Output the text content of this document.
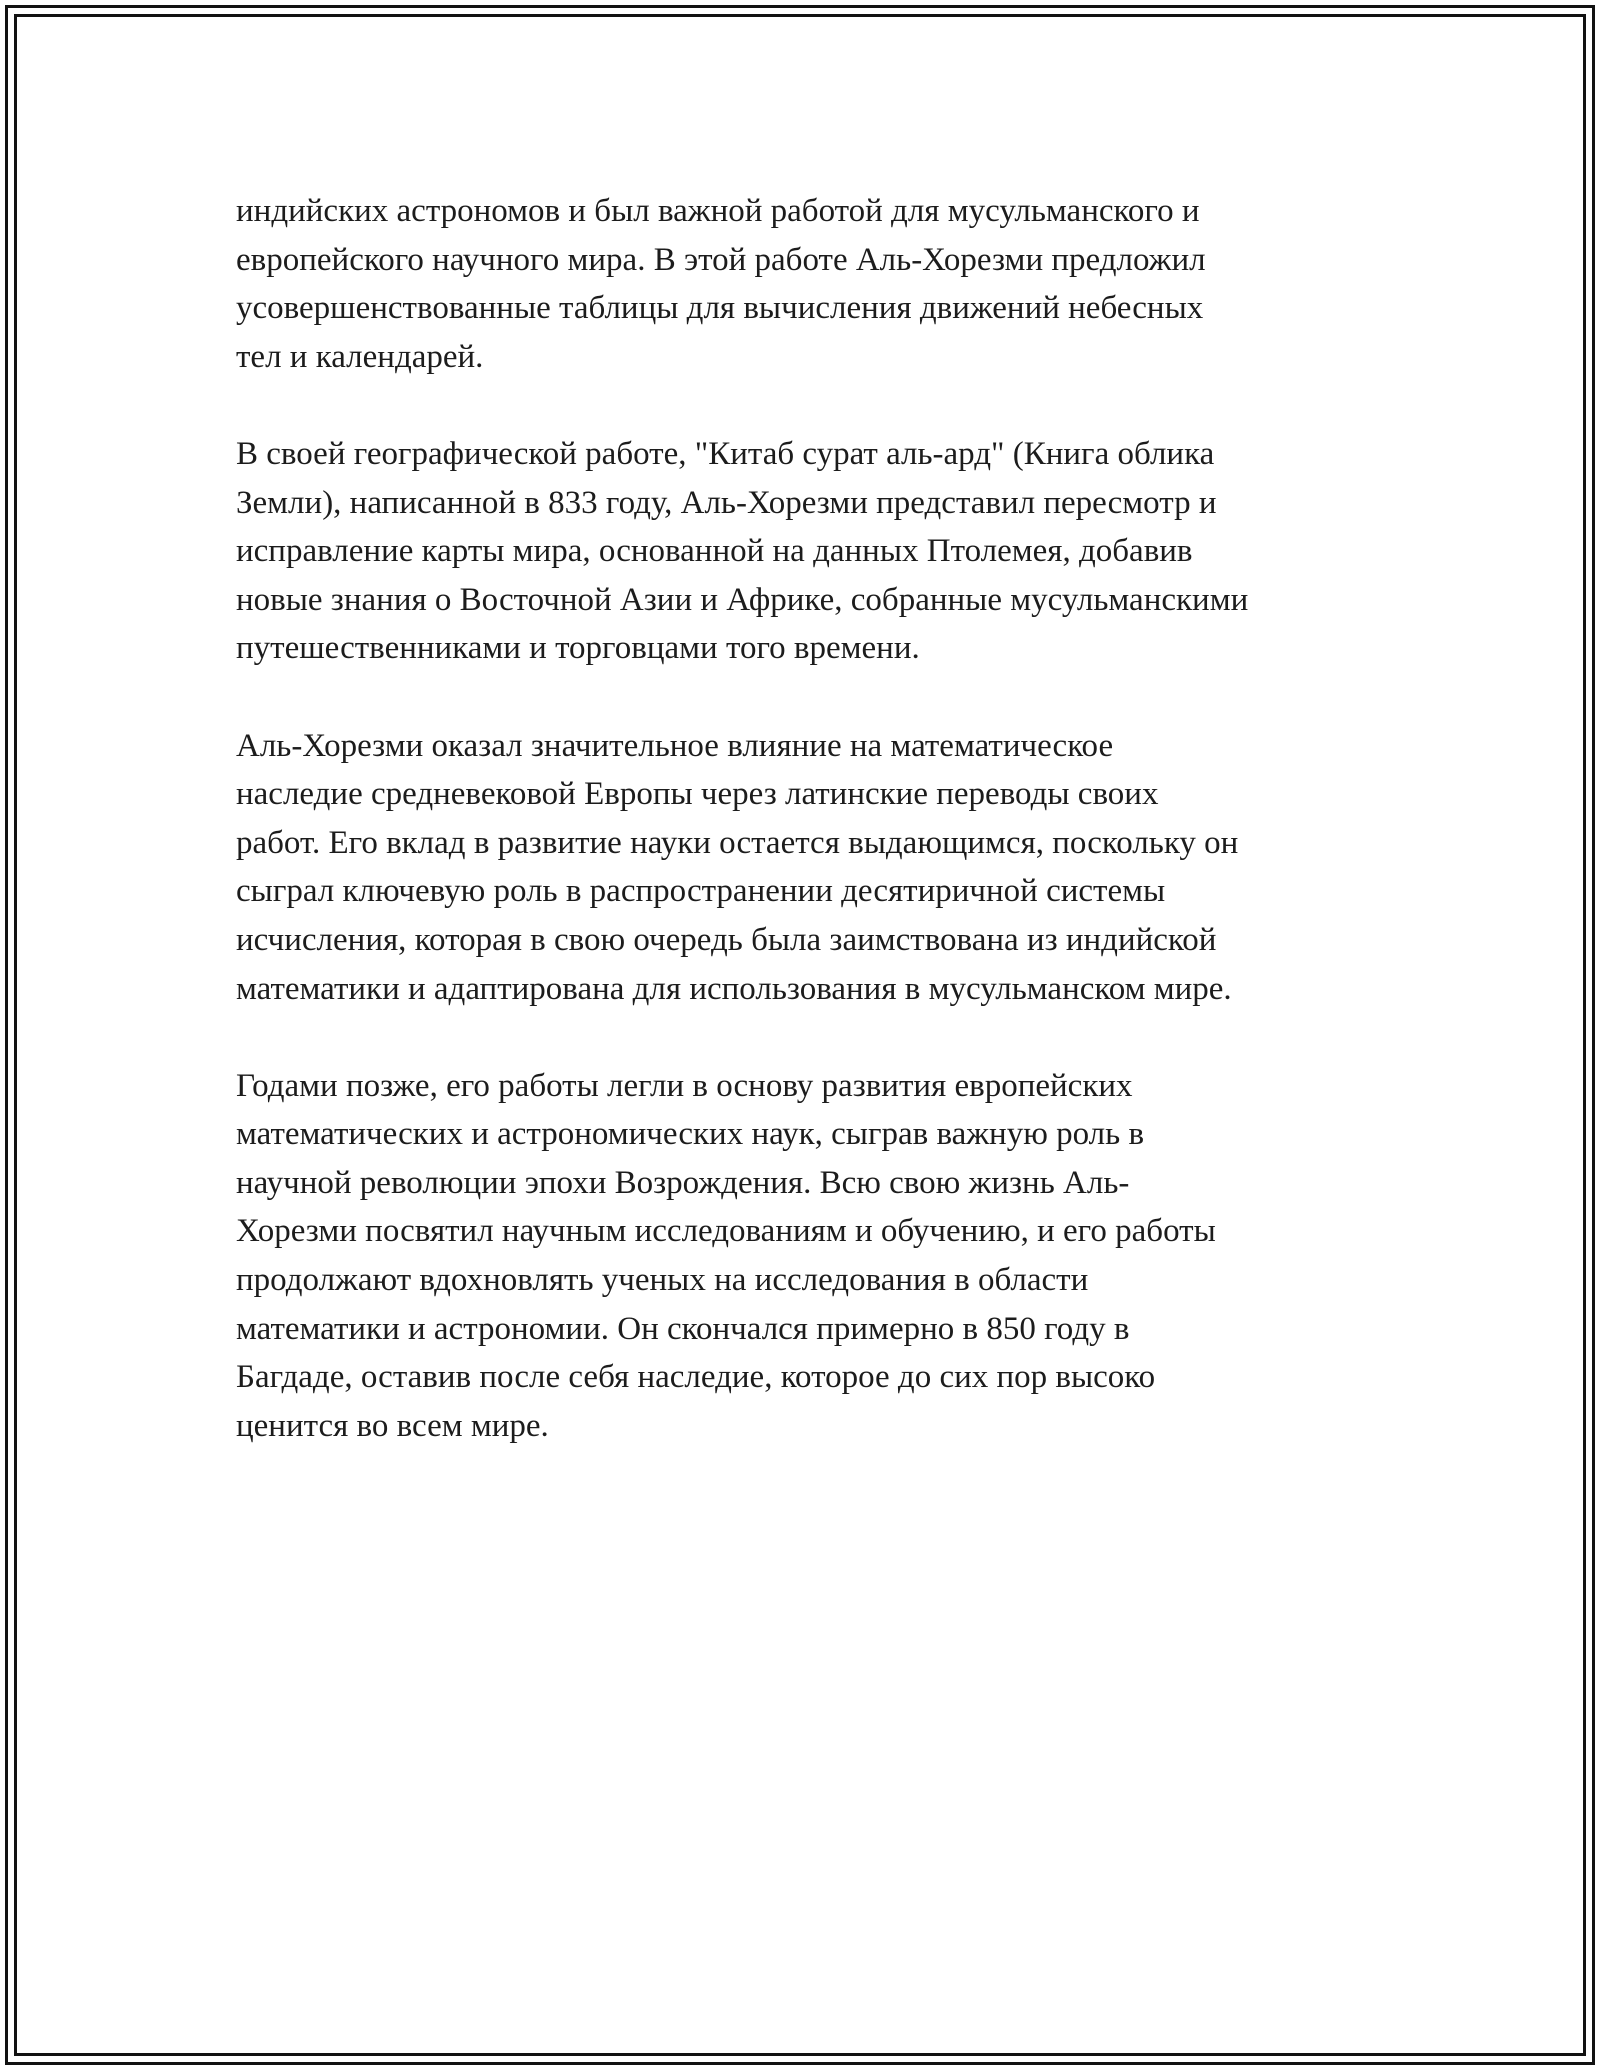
индийских астрономов и был важной работой для мусульманского и
европейского научного мира. В этой работе Аль-Хорезми предложил
усовершенствованные таблицы для вычисления движений небесных
тел и календарей.
В своей географической работе, "Китаб сурат аль-ард" (Книга облика
Земли), написанной в 833 году, Аль-Хорезми представил пересмотр и
исправление карты мира, основанной на данных Птолемея, добавив
новые знания о Восточной Азии и Африке, собранные мусульманскими
путешественниками и торговцами того времени.
Аль-Хорезми оказал значительное влияние на математическое
наследие средневековой Европы через латинские переводы своих
работ. Его вклад в развитие науки остается выдающимся, поскольку он
сыграл ключевую роль в распространении десятиричной системы
исчисления, которая в свою очередь была заимствована из индийской
математики и адаптирована для использования в мусульманском мире.
Годами позже, его работы легли в основу развития европейских
математических и астрономических наук, сыграв важную роль в
научной революции эпохи Возрождения. Всю свою жизнь Аль-
Хорезми посвятил научным исследованиям и обучению, и его работы
продолжают вдохновлять ученых на исследования в области
математики и астрономии. Он скончался примерно в 850 году в
Багдаде, оставив после себя наследие, которое до сих пор высоко
ценится во всем мире.
